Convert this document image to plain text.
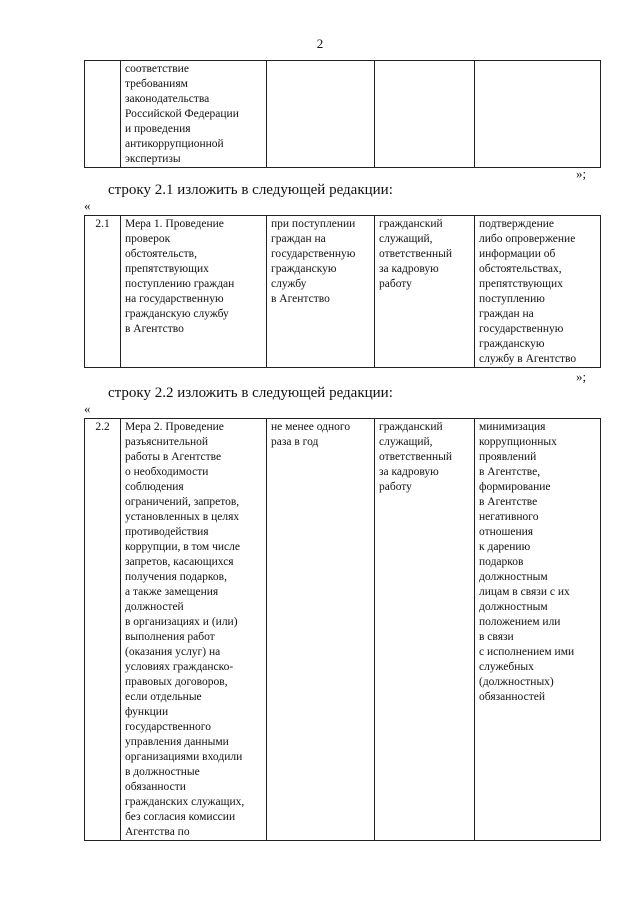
2
	соответствие
требованиям
законодательства
Российской Федерации
и проведения
антикоррупционной
экспертизы			
»;
строку 2.1 изложить в следующей редакции:
«
2.1	Мера 1. Проведение
проверок
обстоятельств,
препятствующих
поступлению граждан
на государственную
гражданскую службу
в Агентство	при поступлении
граждан на
государственную
гражданскую
службу
в Агентство	гражданский
служащий,
ответственный
за кадровую
работу	подтверждение
либо опровержение
информации об
обстоятельствах,
препятствующих
поступлению
граждан на
государственную
гражданскую
службу в Агентство
»;
строку 2.2 изложить в следующей редакции:
«
2.2	Мера 2. Проведение
разъяснительной
работы в Агентстве
о необходимости
соблюдения
ограничений, запретов,
установленных в целях
противодействия
коррупции, в том числе
запретов, касающихся
получения подарков,
а также замещения
должностей
в организациях и (или)
выполнения работ
(оказания услуг) на
условиях гражданско-
правовых договоров,
если отдельные
функции
государственного
управления данными
организациями входили
в должностные
обязанности
гражданских служащих,
без согласия комиссии
Агентства по	не менее одного
раза в год	гражданский
служащий,
ответственный
за кадровую
работу	минимизация
коррупционных
проявлений
в Агентстве,
формирование
в Агентстве
негативного
отношения
к дарению
подарков
должностным
лицам в связи с их
должностным
положением или
в связи
с исполнением ими
служебных
(должностных)
обязанностей
